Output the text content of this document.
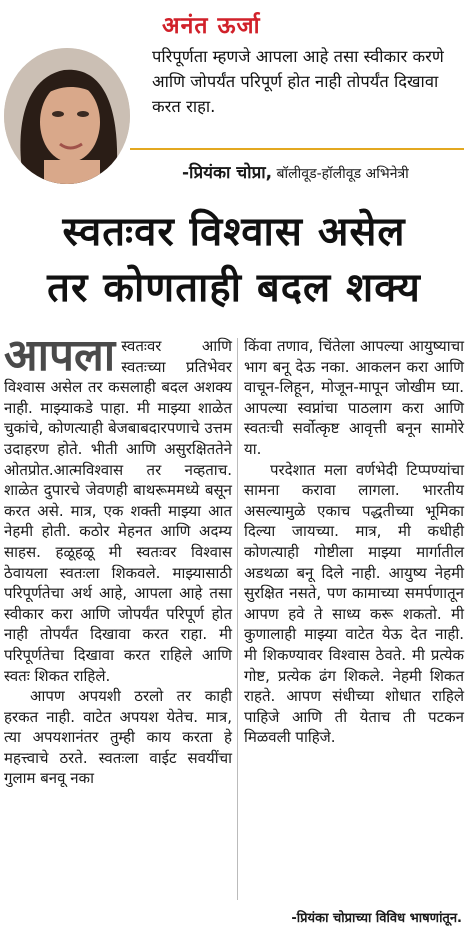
अनंत ऊर्जा
परिपूर्णता म्हणजे आपला आहे तसा स्वीकार करणे आणि जोपर्यंत परिपूर्ण होत नाही तोपर्यंत दिखावा करत राहा.
-प्रियंका चोप्रा, बॉलीवूड-हॉलीवूड अभिनेत्री
स्वतःवर विश्वास असेल
तर कोणताही बदल शक्य

आपला स्वतःवर आणि स्वतःच्या प्रतिभेवर विश्वास असेल तर कसलाही बदल अशक्य नाही. माझ्याकडे पाहा. मी माझ्या शाळेत चुकांचे, कोणत्याही बेजबाबदारपणाचे उत्तम उदाहरण होते. भीती आणि असुरक्षिततेने ओतप्रोत.आत्मविश्वास तर नव्हताच. शाळेत दुपारचे जेवणही बाथरूममध्ये बसून करत असे. मात्र, एक शक्ती माझ्या आत नेहमी होती. कठोर मेहनत आणि अदम्य साहस. हळूहळू मी स्वतःवर विश्वास ठेवायला स्वतःला शिकवले. माझ्यासाठी परिपूर्णतेचा अर्थ आहे, आपला आहे तसा स्वीकार करा आणि जोपर्यंत परिपूर्ण होत नाही तोपर्यंत दिखावा करत राहा. मी परिपूर्णतेचा दिखावा करत राहिले आणि स्वतः शिकत राहिले.

आपण अपयशी ठरलो तर काही हरकत नाही. वाटेत अपयश येतेच. मात्र, त्या अपयशानंतर तुम्ही काय करता हे महत्त्वाचे ठरते. स्वतःला वाईट सवयींचा गुलाम बनवू नका

किंवा तणाव, चिंतेला आपल्या आयुष्याचा भाग बनू देऊ नका. आकलन करा आणि वाचून-लिहून, मोजून-मापून जोखीम घ्या. आपल्या स्वप्नांचा पाठलाग करा आणि स्वतःची सर्वोत्कृष्ट आवृत्ती बनून सामोरे या.

परदेशात मला वर्णभेदी टिप्पण्यांचा सामना करावा लागला. भारतीय असल्यामुळे एकाच पद्धतीच्या भूमिका दिल्या जायच्या. मात्र, मी कधीही कोणत्याही गोष्टीला माझ्या मार्गातील अडथळा बनू दिले नाही. आयुष्य नेहमी सुरक्षित नसते, पण कामाच्या समर्पणातून आपण हवे ते साध्य करू शकतो. मी कुणालाही माझ्या वाटेत येऊ देत नाही. मी शिकण्यावर विश्वास ठेवते. मी प्रत्येक गोष्ट, प्रत्येक ढंग शिकले. नेहमी शिकत राहते. आपण संधीच्या शोधात राहिले पाहिजे आणि ती येताच ती पटकन मिळवली पाहिजे.

-प्रियंका चोप्राच्या विविध भाषणांतून.
